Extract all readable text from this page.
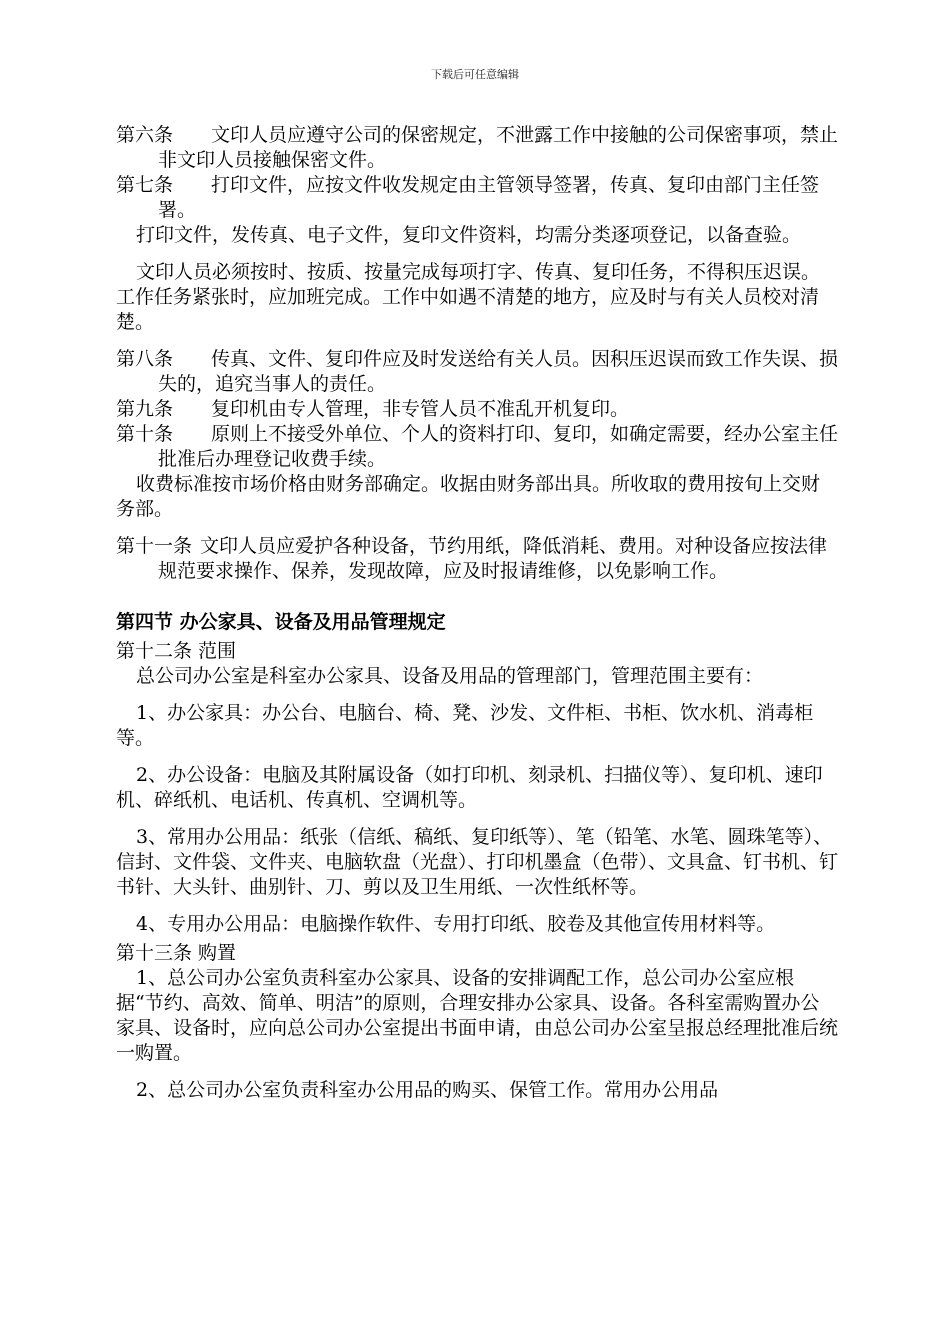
下载后可任意编辑
第六条 文印人员应遵守公司的保密规定，不泄露工作中接触的公司保密事项，禁止非文印人员接触保密文件。
第七条 打印文件，应按文件收发规定由主管领导签署，传真、复印由部门主任签署。
打印文件，发传真、电子文件，复印文件资料，均需分类逐项登记，以备查验。
文印人员必须按时、按质、按量完成每项打字、传真、复印任务，不得积压迟误。工作任务紧张时，应加班完成。工作中如遇不清楚的地方，应及时与有关人员校对清楚。
第八条 传真、文件、复印件应及时发送给有关人员。因积压迟误而致工作失误、损失的，追究当事人的责任。
第九条 复印机由专人管理，非专管人员不准乱开机复印。
第十条 原则上不接受外单位、个人的资料打印、复印，如确定需要，经办公室主任批准后办理登记收费手续。
收费标准按市场价格由财务部确定。收据由财务部出具。所收取的费用按旬上交财务部。
第十一条 文印人员应爱护各种设备，节约用纸，降低消耗、费用。对种设备应按法律规范要求操作、保养，发现故障，应及时报请维修，以免影响工作。
第四节 办公家具、设备及用品管理规定
第十二条 范围
总公司办公室是科室办公家具、设备及用品的管理部门，管理范围主要有：
1、办公家具：办公台、电脑台、椅、凳、沙发、文件柜、书柜、饮水机、消毒柜等。
2、办公设备：电脑及其附属设备（如打印机、刻录机、扫描仪等）、复印机、速印机、碎纸机、电话机、传真机、空调机等。
3、常用办公用品：纸张（信纸、稿纸、复印纸等）、笔（铅笔、水笔、圆珠笔等）、信封、文件袋、文件夹、电脑软盘（光盘）、打印机墨盒（色带）、文具盒、钉书机、钉书针、大头针、曲别针、刀、剪以及卫生用纸、一次性纸杯等。
4、专用办公用品：电脑操作软件、专用打印纸、胶卷及其他宣传用材料等。
第十三条 购置
1、总公司办公室负责科室办公家具、设备的安排调配工作，总公司办公室应根据“节约、高效、简单、明洁”的原则，合理安排办公家具、设备。各科室需购置办公家具、设备时，应向总公司办公室提出书面申请，由总公司办公室呈报总经理批准后统一购置。
2、总公司办公室负责科室办公用品的购买、保管工作。常用办公用品
